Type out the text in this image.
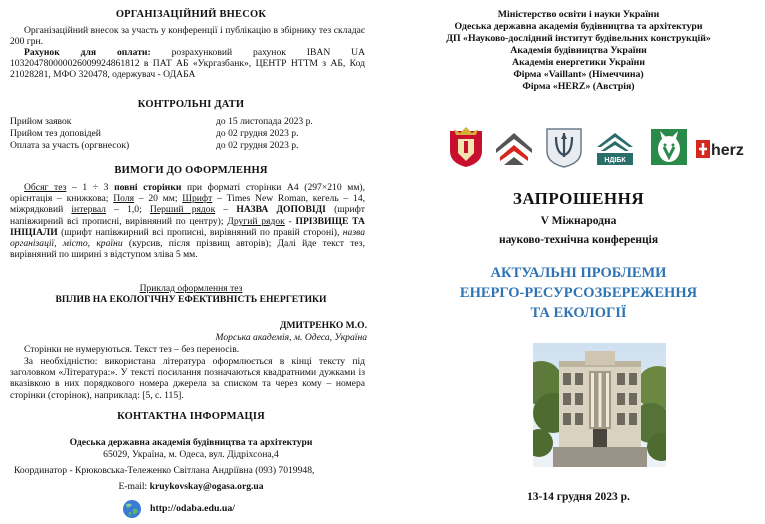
ОРГАНІЗАЦІЙНИЙ ВНЕСОК
Організаційний внесок за участь у конференції і публікацію в збірнику тез складає 200 грн.
Рахунок для оплати: розрахунковий рахунок IBAN UA 103204780000026009924861812 в ПАТ АБ «Укргазбанк», ЦЕНТР НТТМ з АБ, Код 21028281, МФО 320478, одержувач - ОДАБА
КОНТРОЛЬНІ ДАТИ
Прийом заявок	до 15 листопада 2023 р.
Прийом тез доповідей	до 02 грудня 2023 р.
Оплата за участь (оргвнесок)	до 02 грудня 2023 р.
ВИМОГИ ДО ОФОРМЛЕННЯ
Обсяг тез – 1 ÷ 3 повні сторінки при форматі сторінки А4 (297×210 мм), орієнтація – книжкова; Поля – 20 мм; Шрифт – Times New Roman, кегель – 14, міжрядковий інтервал – 1,0; Перший рядок – НАЗВА ДОПОВІДІ (шрифт напівжирний всі прописні, вирівняний по центру); Другий рядок - ПРІЗВИЩЕ ТА ІНІЦІАЛИ (шрифт напівжирний всі прописні, вирівняний по правій стороні), назва організації, місто, країни (курсив, після прізвищ авторів); Далі йде текст тез, вирівняний по ширині з відступом зліва 5 мм.
Приклад оформлення тез
ВПЛИВ НА ЕКОЛОГІЧНУ ЕФЕКТИВНІСТЬ ЕНЕРГЕТИКИ
ДМИТРЕНКО М.О.
Морська академія, м. Одеса, Україна
Сторінки не нумеруються. Текст тез – без переносів.
За необхідністю: використана література оформлюється в кінці тексту під заголовком «Література:». У тексті посилання позначаються квадратними дужками із вказівкою в них порядкового номера джерела за списком та через кому – номера сторінки (сторінок), наприклад: [5, с. 115].
КОНТАКТНА ІНФОРМАЦІЯ
Одеська державна академія будівництва та архітектури
65029, Україна, м. Одеса, вул. Дідріхсона,4
Координатор - Крюковська-Тележенко Світлана Андріївна (093) 7019948,
E-mail: kruykovskay@ogasa.org.ua
http://odaba.edu.ua/
Міністерство освіти і науки України
Одеська державна академія будівництва та архітектури
ДП «Науково-дослідний інститут будівельних конструкцій»
Академія будівництва України
Академія енергетики України
Фірма «Vaillant» (Німеччина)
Фірма «HERZ» (Австрія)
НДІБК
herz
ЗАПРОШЕННЯ
V Міжнародна
науково-технічна конференція
АКТУАЛЬНІ ПРОБЛЕМИ
ЕНЕРГО-РЕСУРСОЗБЕРЕЖЕННЯ
ТА ЕКОЛОГІЇ
13-14 грудня 2023 р.
